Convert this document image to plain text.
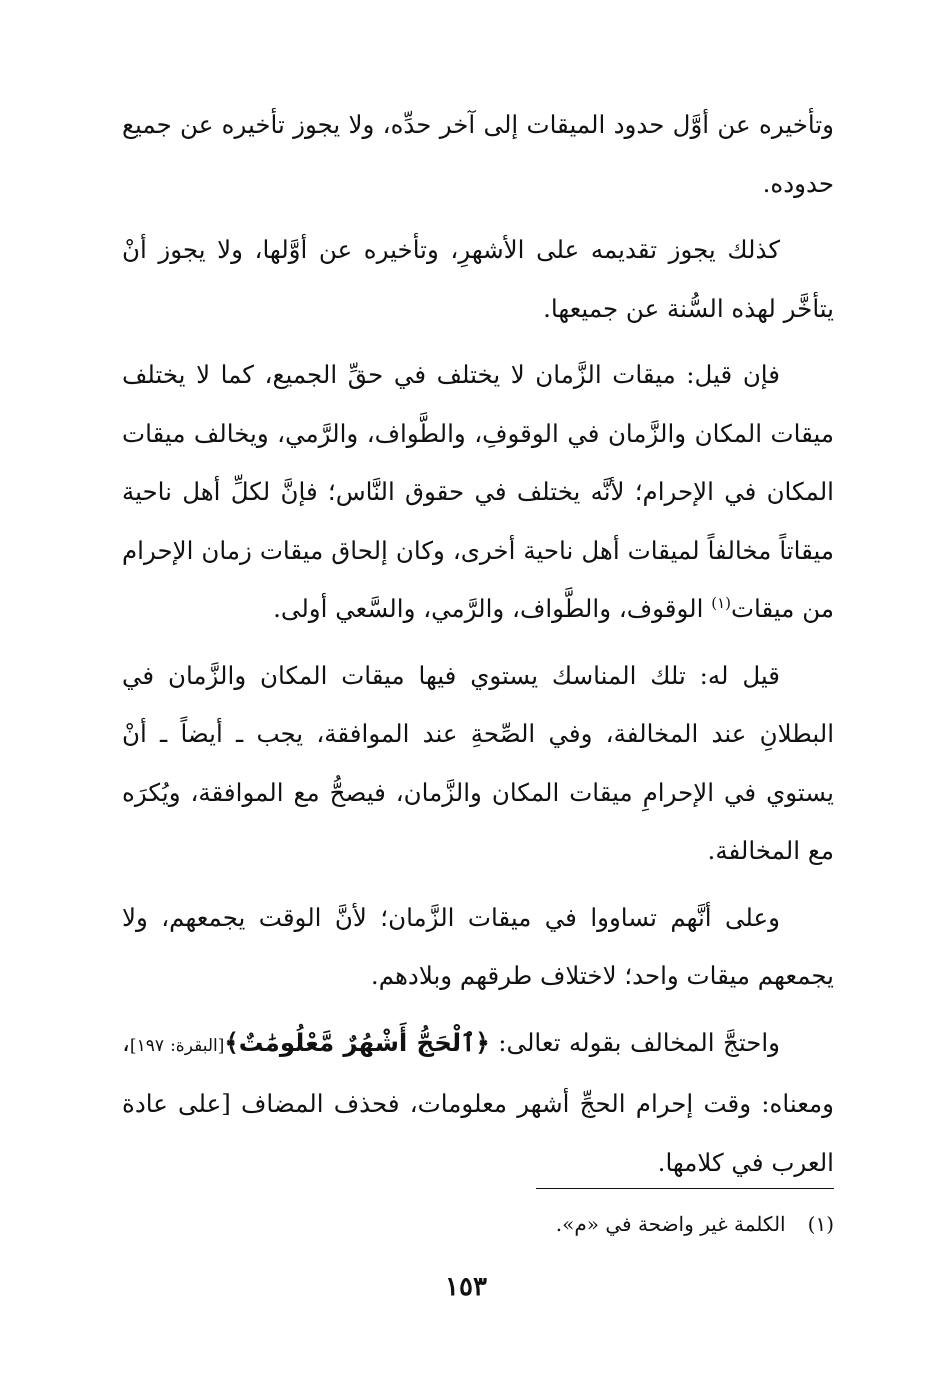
وتأخيره عن أوَّل حدود الميقات إلى آخر حدِّه، ولا يجوز تأخيره عن جميع حدوده.

كذلك يجوز تقديمه على الأشهرِ، وتأخيره عن أوَّلها، ولا يجوز أنْ يتأخَّر لهذه السُّنة عن جميعها.

فإن قيل: ميقات الزَّمان لا يختلف في حقِّ الجميع، كما لا يختلف ميقات المكان والزَّمان في الوقوفِ، والطَّواف، والرَّمي، ويخالف ميقات المكان في الإحرام؛ لأنَّه يختلف في حقوق النَّاس؛ فإنَّ لكلِّ أهل ناحية ميقاتاً مخالفاً لميقات أهل ناحية أخرى، وكان إلحاق ميقات زمان الإحرام من ميقات$^{(١)}$ الوقوف، والطَّواف، والرَّمي، والسَّعي أولى.

قيل له: تلك المناسك يستوي فيها ميقات المكان والزَّمان في البطلانِ عند المخالفة، وفي الصِّحةِ عند الموافقة، يجب ـ أيضاً ـ أنْ يستوي في الإحرامِ ميقات المكان والزَّمان، فيصحُّ مع الموافقة، ويُكرَه مع المخالفة.

وعلى أنَّهم تساووا في ميقات الزَّمان؛ لأنَّ الوقت يجمعهم، ولا يجمعهم ميقات واحد؛ لاختلاف طرقهم وبلادهم.

واحتجَّ المخالف بقوله تعالى: ﴿ٱلْحَجُّ أَشْهُرٌ مَّعْلُومَٰتٌ﴾[البقرة: ١٩٧]، ومعناه: وقت إحرام الحجِّ أشهر معلومات، فحذف المضاف [على عادة العرب في كلامها.

(١)الكلمة غير واضحة في «م».
١٥٣
